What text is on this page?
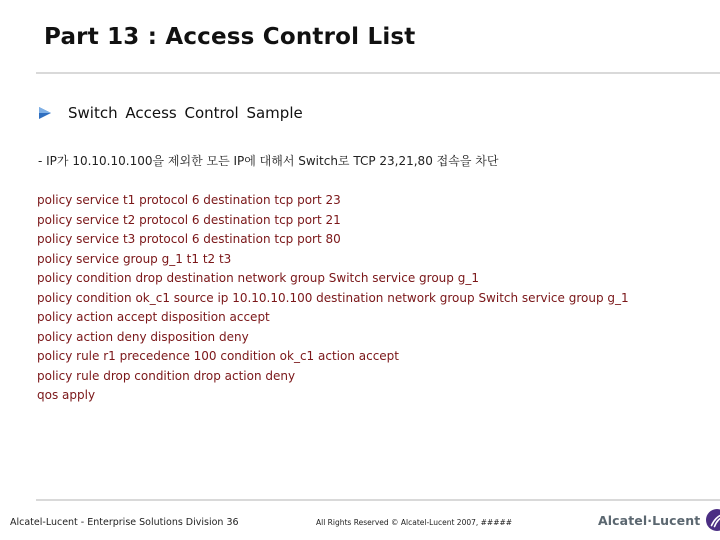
Part 13 : Access Control List
Switch Access Control Sample
- IP가 10.10.10.100을 제외한 모든 IP에 대해서 Switch로 TCP 23,21,80 접속을 차단
policy service t1 protocol 6 destination tcp port 23
policy service t2 protocol 6 destination tcp port 21
policy service t3 protocol 6 destination tcp port 80
policy service group g_1 t1 t2 t3
policy condition drop destination network group Switch service group g_1
policy condition ok_c1 source ip 10.10.10.100 destination network group Switch service group g_1
policy action accept disposition accept
policy action deny disposition deny
policy rule r1 precedence 100 condition ok_c1 action accept
policy rule drop condition drop action deny
qos apply
Alcatel-Lucent - Enterprise Solutions Division 36	All Rights Reserved © Alcatel-Lucent 2007, #####	Alcatel·Lucent
